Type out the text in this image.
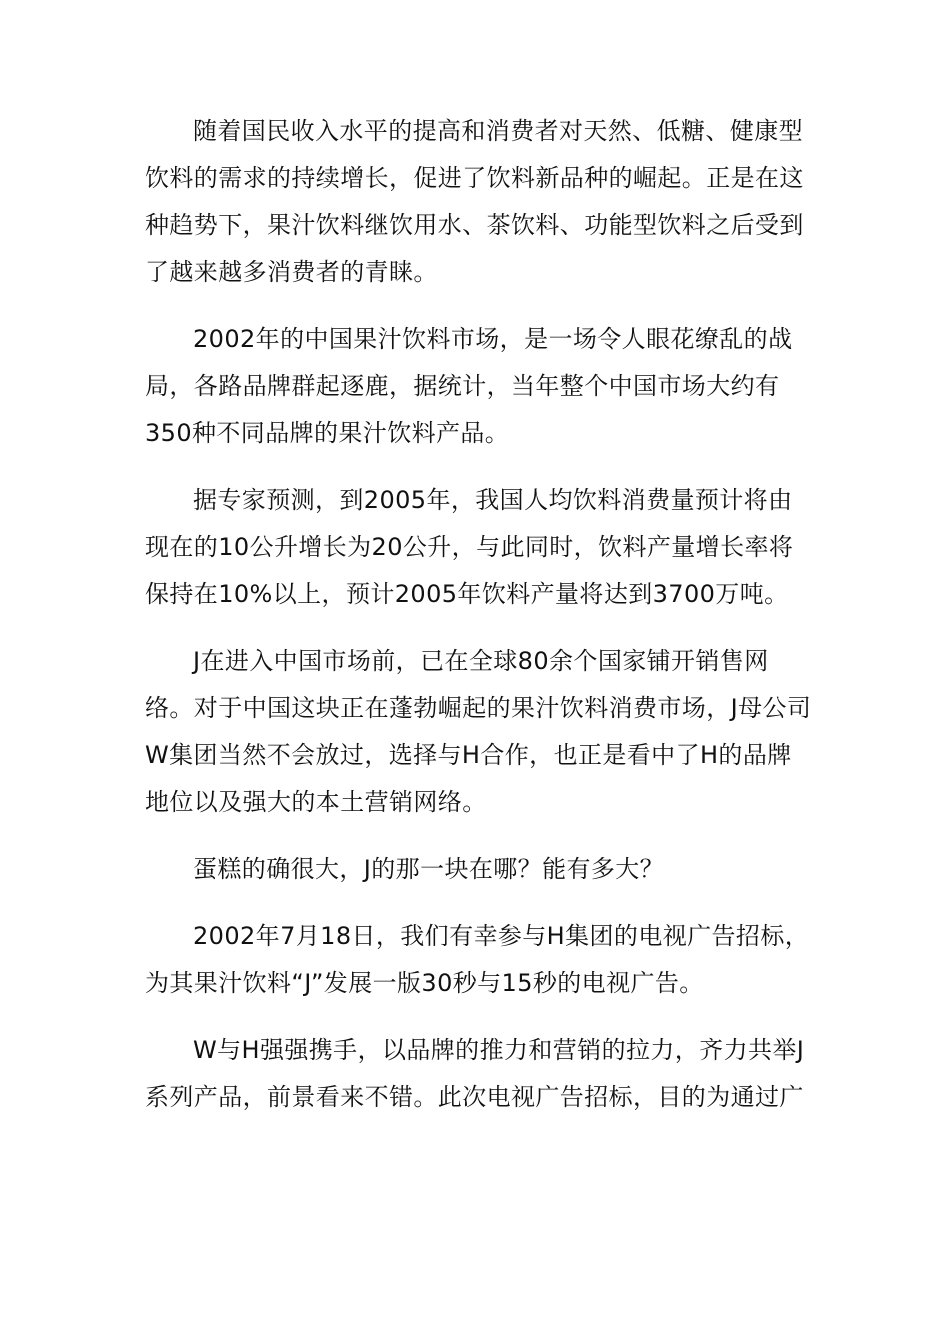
随着国民收入水平的提高和消费者对天然、低糖、健康型饮料的需求的持续增长，促进了饮料新品种的崛起。正是在这种趋势下，果汁饮料继饮用水、茶饮料、功能型饮料之后受到了越来越多消费者的青睐。

2002年的中国果汁饮料市场，是一场令人眼花缭乱的战局，各路品牌群起逐鹿，据统计，当年整个中国市场大约有350种不同品牌的果汁饮料产品。

据专家预测，到2005年，我国人均饮料消费量预计将由现在的10公升增长为20公升，与此同时，饮料产量增长率将保持在10%以上，预计2005年饮料产量将达到3700万吨。

J在进入中国市场前，已在全球80余个国家铺开销售网络。对于中国这块正在蓬勃崛起的果汁饮料消费市场，J母公司W集团当然不会放过，选择与H合作，也正是看中了H的品牌地位以及强大的本土营销网络。

蛋糕的确很大，J的那一块在哪？能有多大？

2002年7月18日，我们有幸参与H集团的电视广告招标，为其果汁饮料“J”发展一版30秒与15秒的电视广告。

W与H强强携手，以品牌的推力和营销的拉力，齐力共举J系列产品，前景看来不错。此次电视广告招标，目的为通过广
